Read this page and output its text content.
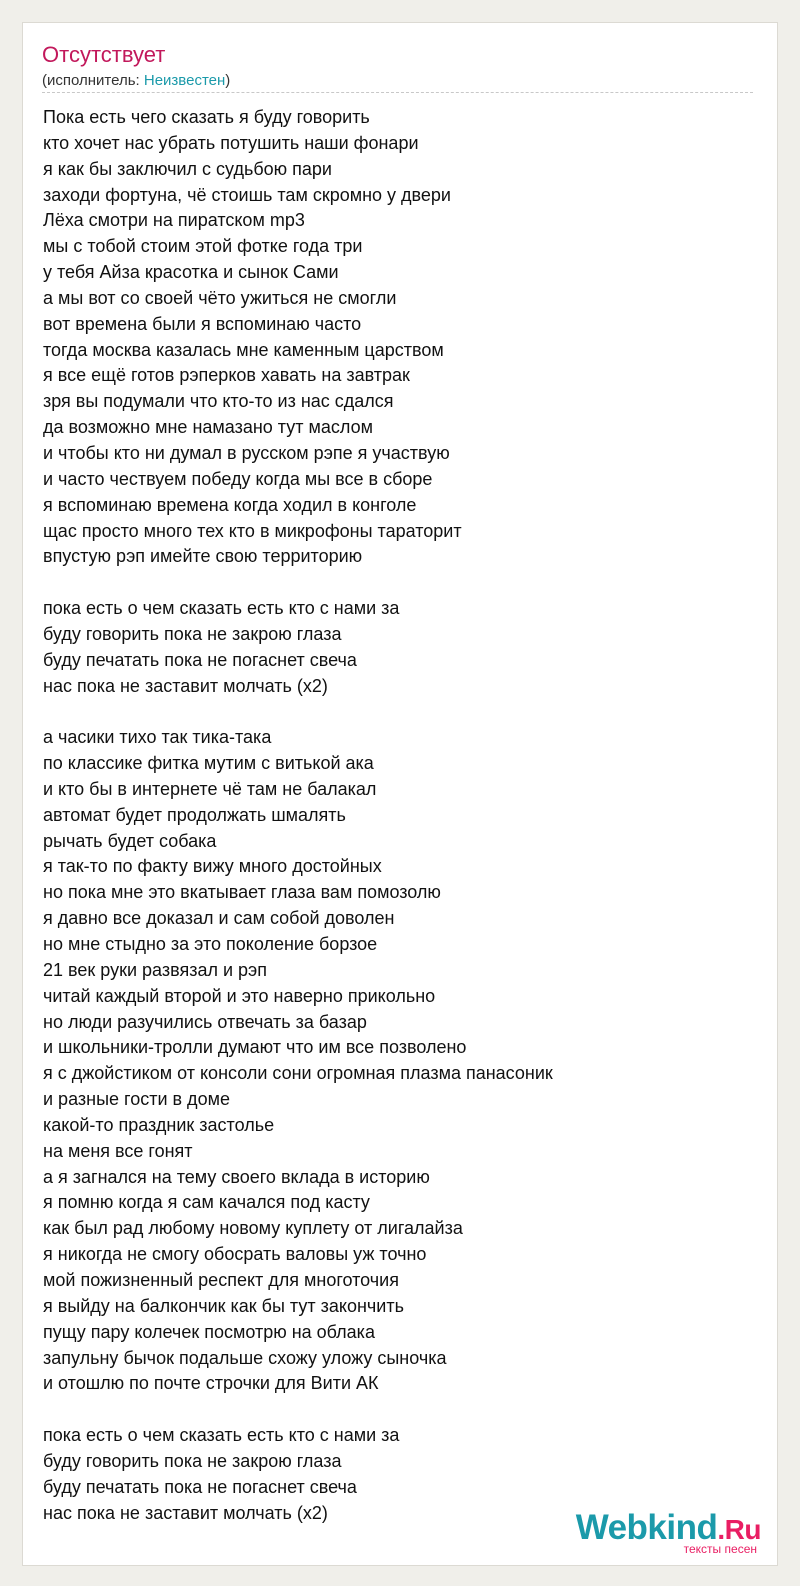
Отсутствует
(исполнитель: Неизвестен)
Пока есть чего сказать я буду говорить
кто хочет нас убрать потушить наши фонари
я как бы заключил с судьбою пари
заходи фортуна, чё стоишь там скромно у двери
Лёха смотри на пиратском mp3
мы с тобой стоим этой фотке года три
у тебя Айза красотка и сынок Сами
а мы вот со своей чёто ужиться не смогли
вот времена были я вспоминаю часто
тогда москва казалась мне каменным царством
я все ещё готов рэперков хавать на завтрак
зря вы подумали что кто-то из нас сдался
да возможно мне намазано тут маслом
и чтобы кто ни думал в русском рэпе я участвую
и часто чествуем победу когда мы все в сборе
я вспоминаю времена когда ходил в конголе
щас просто много тех кто в микрофоны тараторит
впустую рэп имейте свою территорию

пока есть о чем сказать есть кто с нами за
буду говорить пока не закрою глаза
буду печатать пока не погаснет свеча
нас пока не заставит молчать (x2)

а часики тихо так тика-така
по классике фитка мутим с витькой ака
и кто бы в интернете чё там не балакал
автомат будет продолжать шмалять
рычать будет собака
я так-то по факту вижу много достойных
но пока мне это вкатывает глаза вам помозолю
я давно все доказал и сам собой доволен
но мне стыдно за это поколение борзое
21 век руки развязал и рэп
читай каждый второй и это наверно прикольно
но люди разучились отвечать за базар
и школьники-тролли думают что им все позволено
я с джойстиком от консоли сони огромная плазма панасоник
и разные гости в доме
какой-то праздник застолье
на меня все гонят
а я загнался на тему своего вклада в историю
я помню когда я сам качался под касту
как был рад любому новому куплету от лигалайза
я никогда не смогу обосрать валовы уж точно
мой пожизненный респект для многоточия
я выйду на балкончик как бы тут закончить
пущу пару колечек посмотрю на облака
запульну бычок подальше схожу уложу сыночка
и отошлю по почте строчки для Вити АК

пока есть о чем сказать есть кто с нами за
буду говорить пока не закрою глаза
буду печатать пока не погаснет свеча
нас пока не заставит молчать (x2)	Webkind.Ru
тексты песен
